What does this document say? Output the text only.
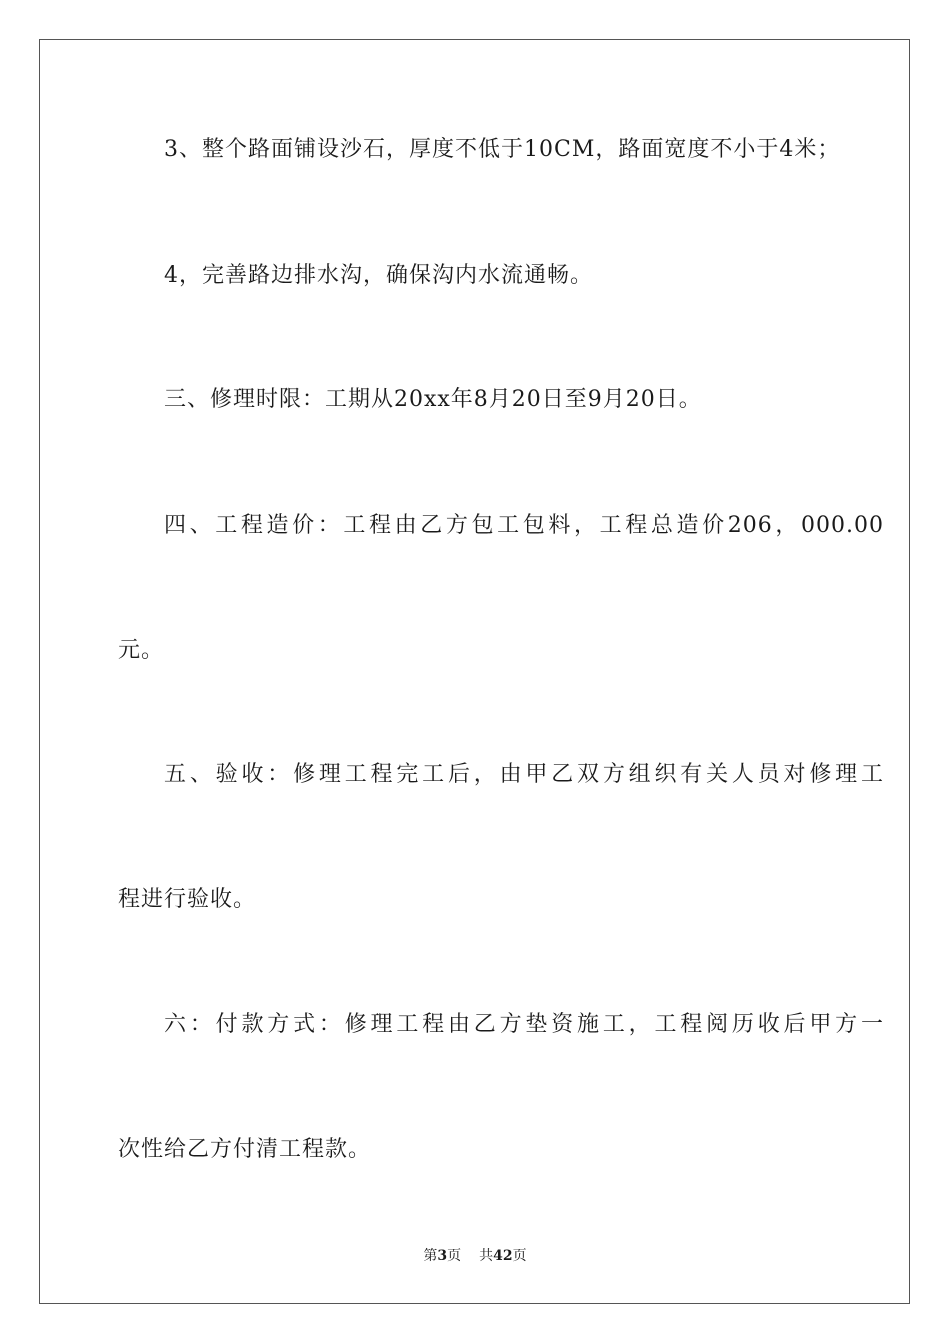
3、整个路面铺设沙石，厚度不低于10CM，路面宽度不小于4米；
4，完善路边排水沟，确保沟内水流通畅。
三、修理时限：工期从20xx年8月20日至9月20日。
四、工程造价：工程由乙方包工包料，工程总造价206，000.00
元。
五、验收：修理工程完工后，由甲乙双方组织有关人员对修理工
程进行验收。
六：付款方式：修理工程由乙方垫资施工，工程阅历收后甲方一
次性给乙方付清工程款。
第3页 共42页
